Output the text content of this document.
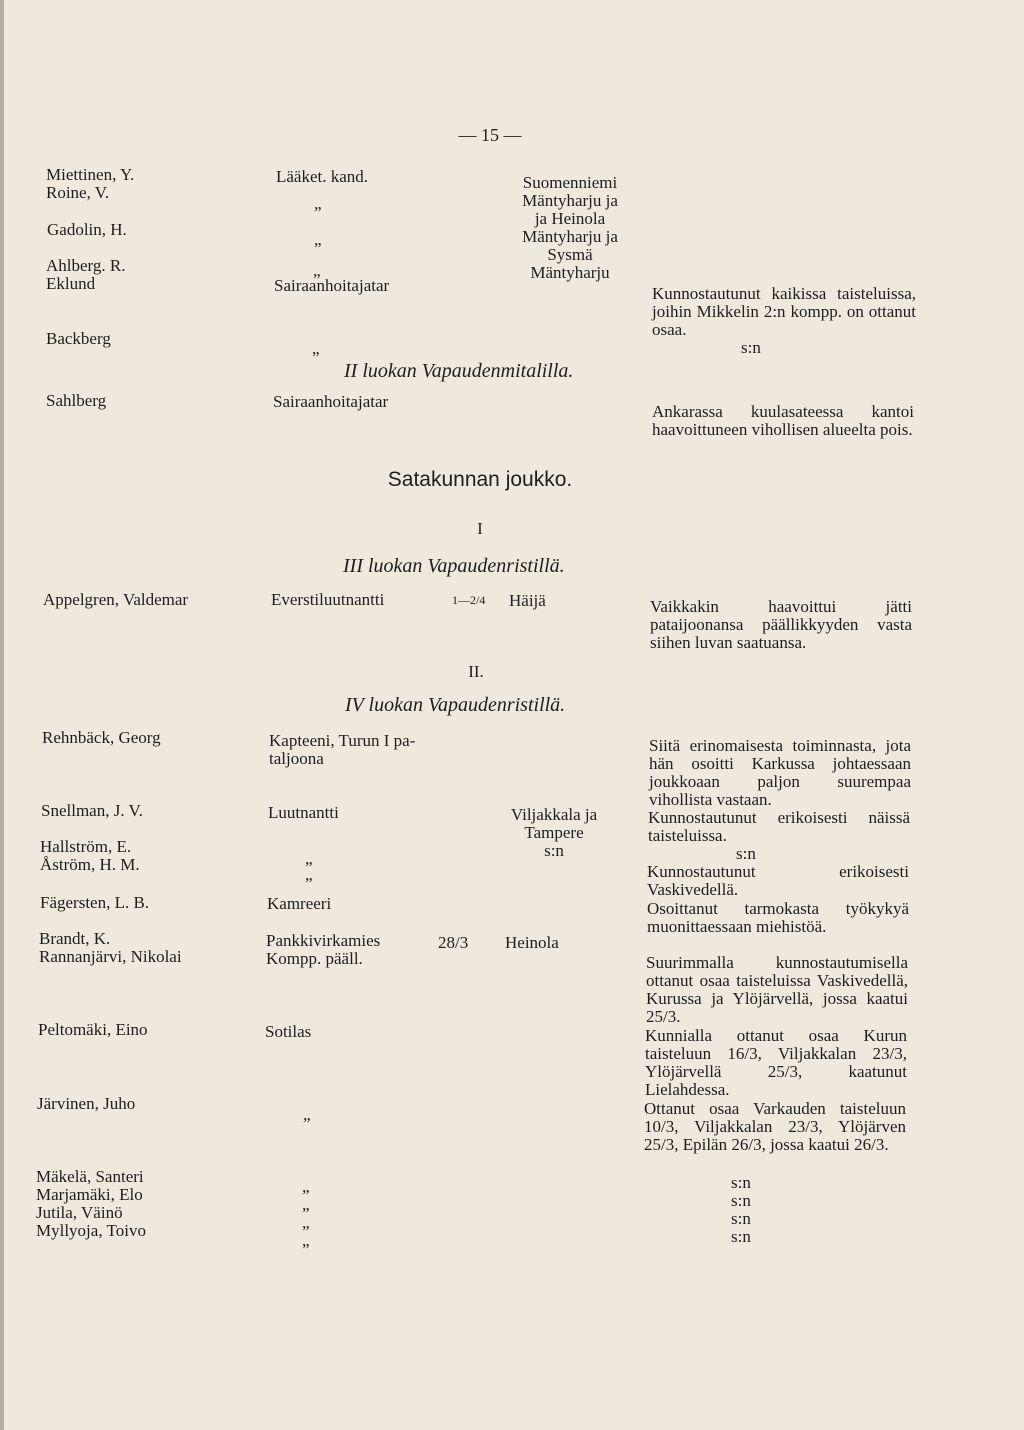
— 15 —
Miettinen, Y.
Roine, V.
Gadolin, H.
Ahlberg. R.
Eklund
Backberg
Sahlberg
Appelgren, Valdemar
Rehnbäck, Georg
Snellman, J. V.
Hallström, E.
Åström, H. M.
Fägersten, L. B.
Brandt, K.
Rannanjärvi, Nikolai
Peltomäki, Eino
Järvinen, Juho
Mäkelä, Santeri
Marjamäki, Elo
Jutila, Väinö
Myllyoja, Toivo
Lääket. kand.
„
„
„
Sairaanhoitajatar
„
Sairaanhoitajatar
Everstiluutnantti
Kapteeni, Turun I pa-
taljoona
Luutnantti
„
„
Kamreeri
Pankkivirkamies
Kompp. pääll.
Sotilas
„
„
„
„
„
Suomenniemi
Mäntyharju ja
ja Heinola
Mäntyharju ja
Sysmä
Mäntyharju
1—2/4 Häijä
Viljakkala ja
Tampere
s:n
28/3 Heinola
II luokan Vapaudenmitalilla.
Satakunnan joukko.
I
III luokan Vapaudenristillä.
II.
IV luokan Vapaudenristillä.
Kunnostautunut kaikissa taisteluissa, joihin Mikkelin 2:n kompp. on ottanut osaa.
s:n
Ankarassa kuulasateessa kantoi haavoittuneen vihollisen alueelta pois.
Vaikkakin haavoittui jätti pataijoonansa päällikkyyden vasta siihen luvan saatuansa.
Siitä erinomaisesta toiminnasta, jota hän osoitti Karkussa johtaessaan joukkoaan paljon suurempaa vihollista vastaan.
Kunnostautunut erikoisesti näissä taisteluissa.
s:n
Kunnostautunut erikoisesti Vaskivedellä.
Osoittanut tarmokasta työkykyä muonittaessaan miehistöä.
Suurimmalla kunnostautumisella ottanut osaa taisteluissa Vaskivedellä, Kurussa ja Ylöjärvellä, jossa kaatui 25/3.
Kunnialla ottanut osaa Kurun taisteluun 16/3, Viljakkalan 23/3, Ylöjärvellä 25/3, kaatunut Lielahdessa.
Ottanut osaa Varkauden taisteluun 10/3, Viljakkalan 23/3, Ylöjärven 25/3, Epilän 26/3, jossa kaatui 26/3.
s:n
s:n
s:n
s:n
